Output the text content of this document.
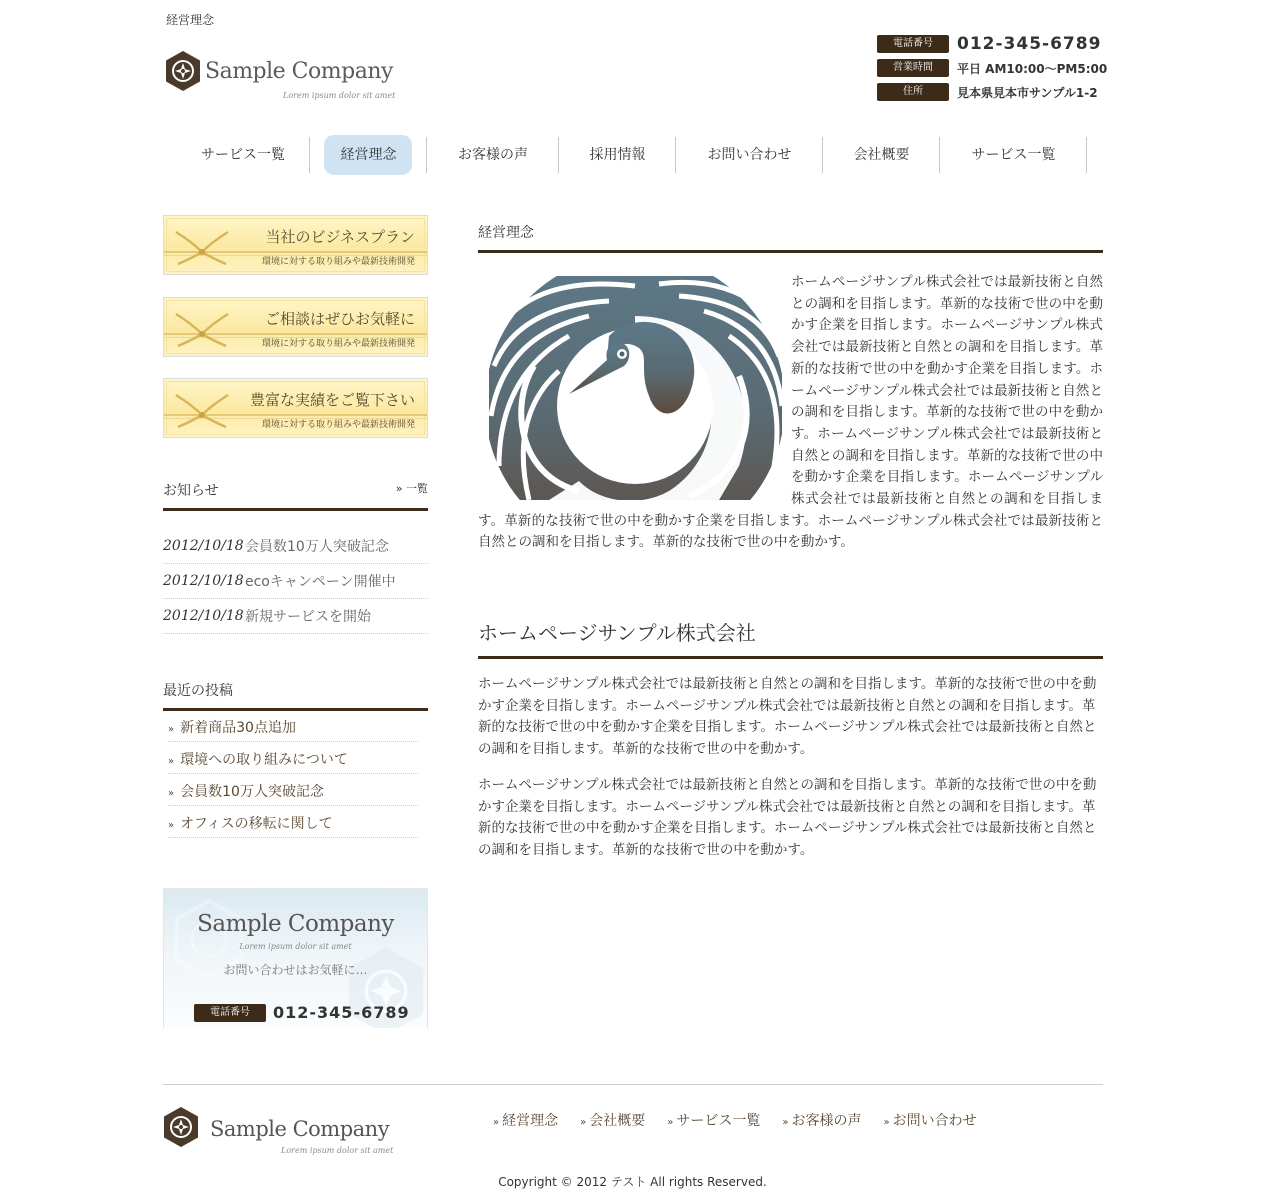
経営理念
Sample Company
Lorem ipsum dolor sit amet
電話番号	012-345-6789
営業時間	平日 AM10:00〜PM5:00
住所	見本県見本市サンプル1-2
サービス一覧	経営理念	お客様の声	採用情報	お問い合わせ	会社概要	サービス一覧
当社のビジネスプラン
環境に対する取り組みや最新技術開発
ご相談はぜひお気軽に
環境に対する取り組みや最新技術開発
豊富な実績をご覧下さい
環境に対する取り組みや最新技術開発
お知らせ	» 一覧
2012/10/18 会員数10万人突破記念
2012/10/18 ecoキャンペーン開催中
2012/10/18 新規サービスを開始
最近の投稿
» 新着商品30点追加
» 環境への取り組みについて
» 会員数10万人突破記念
» オフィスの移転に関して
Sample Company
Lorem ipsum dolor sit amet
お問い合わせはお気軽に…
電話番号	012-345-6789
経営理念
ホームページサンプル株式会社では最新技術と自然との調和を目指します。革新的な技術で世の中を動かす企業を目指します。ホームページサンプル株式会社では最新技術と自然との調和を目指します。革新的な技術で世の中を動かす企業を目指します。ホームページサンプル株式会社では最新技術と自然との調和を目指します。革新的な技術で世の中を動かす。ホームページサンプル株式会社では最新技術と自然との調和を目指します。革新的な技術で世の中を動かす企業を目指します。ホームページサンプル株式会社では最新技術と自然との調和を目指します。革新的な技術で世の中を動かす企業を目指します。ホームページサンプル株式会社では最新技術と自然との調和を目指します。革新的な技術で世の中を動かす。
ホームページサンプル株式会社
ホームページサンプル株式会社では最新技術と自然との調和を目指します。革新的な技術で世の中を動かす企業を目指します。ホームページサンプル株式会社では最新技術と自然との調和を目指します。革新的な技術で世の中を動かす企業を目指します。ホームページサンプル株式会社では最新技術と自然との調和を目指します。革新的な技術で世の中を動かす。
ホームページサンプル株式会社では最新技術と自然との調和を目指します。革新的な技術で世の中を動かす企業を目指します。ホームページサンプル株式会社では最新技術と自然との調和を目指します。革新的な技術で世の中を動かす企業を目指します。ホームページサンプル株式会社では最新技術と自然との調和を目指します。革新的な技術で世の中を動かす。
Sample Company
Lorem ipsum dolor sit amet
» 経営理念 » 会社概要 » サービス一覧 » お客様の声 » お問い合わせ
Copyright © 2012 テスト All rights Reserved.
